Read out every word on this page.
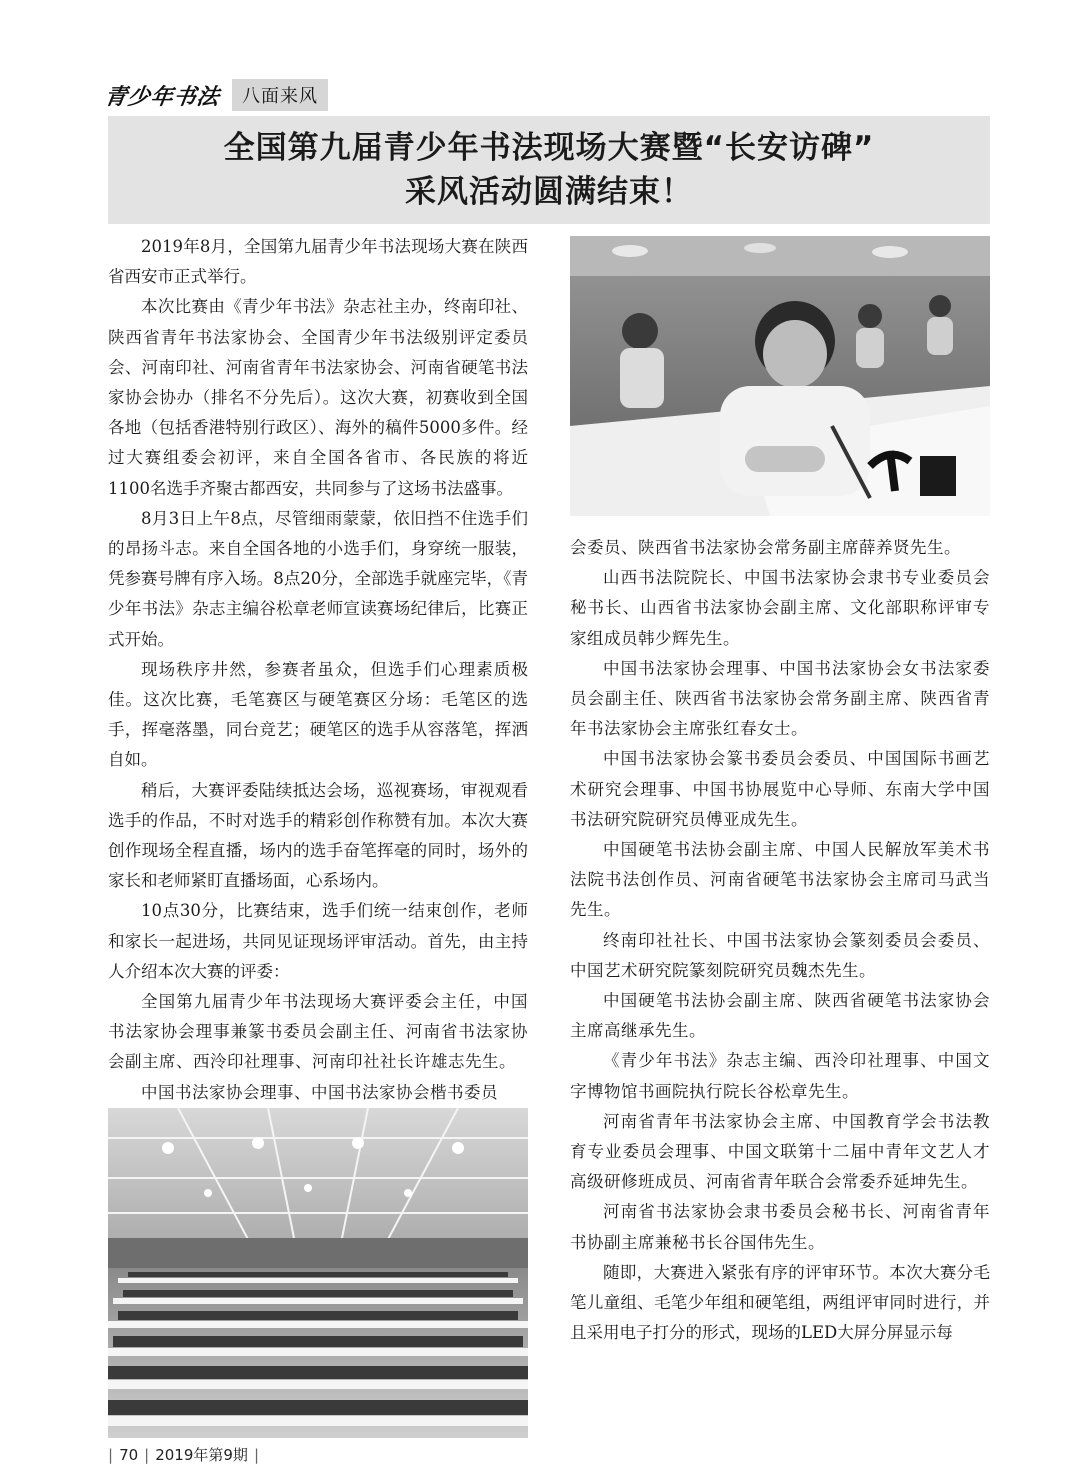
青少年书法	八面来风
全国第九届青少年书法现场大赛暨“长安访碑”
采风活动圆满结束！

2019年8月，全国第九届青少年书法现场大赛在陕西省西安市正式举行。

本次比赛由《青少年书法》杂志社主办，终南印社、陕西省青年书法家协会、全国青少年书法级别评定委员会、河南印社、河南省青年书法家协会、河南省硬笔书法家协会协办（排名不分先后）。这次大赛，初赛收到全国各地（包括香港特别行政区）、海外的稿件5000多件。经过大赛组委会初评，来自全国各省市、各民族的将近1100名选手齐聚古都西安，共同参与了这场书法盛事。

8月3日上午8点，尽管细雨蒙蒙，依旧挡不住选手们的昂扬斗志。来自全国各地的小选手们，身穿统一服装，凭参赛号牌有序入场。8点20分，全部选手就座完毕，《青少年书法》杂志主编谷松章老师宣读赛场纪律后，比赛正式开始。

现场秩序井然，参赛者虽众，但选手们心理素质极佳。这次比赛，毛笔赛区与硬笔赛区分场：毛笔区的选手，挥毫落墨，同台竞艺；硬笔区的选手从容落笔，挥洒自如。

稍后，大赛评委陆续抵达会场，巡视赛场，审视观看选手的作品，不时对选手的精彩创作称赞有加。本次大赛创作现场全程直播，场内的选手奋笔挥毫的同时，场外的家长和老师紧盯直播场面，心系场内。

10点30分，比赛结束，选手们统一结束创作，老师和家长一起进场，共同见证现场评审活动。首先，由主持人介绍本次大赛的评委：

全国第九届青少年书法现场大赛评委会主任，中国书法家协会理事兼篆书委员会副主任、河南省书法家协会副主席、西泠印社理事、河南印社社长许雄志先生。

中国书法家协会理事、中国书法家协会楷书委员

会委员、陕西省书法家协会常务副主席薛养贤先生。

山西书法院院长、中国书法家协会隶书专业委员会秘书长、山西省书法家协会副主席、文化部职称评审专家组成员韩少辉先生。

中国书法家协会理事、中国书法家协会女书法家委员会副主任、陕西省书法家协会常务副主席、陕西省青年书法家协会主席张红春女士。

中国书法家协会篆书委员会委员、中国国际书画艺术研究会理事、中国书协展览中心导师、东南大学中国书法研究院研究员傅亚成先生。

中国硬笔书法协会副主席、中国人民解放军美术书法院书法创作员、河南省硬笔书法家协会主席司马武当先生。

终南印社社长、中国书法家协会篆刻委员会委员、中国艺术研究院篆刻院研究员魏杰先生。

中国硬笔书法协会副主席、陕西省硬笔书法家协会主席高继承先生。

《青少年书法》杂志主编、西泠印社理事、中国文字博物馆书画院执行院长谷松章先生。

河南省青年书法家协会主席、中国教育学会书法教育专业委员会理事、中国文联第十二届中青年文艺人才高级研修班成员、河南省青年联合会常委乔延坤先生。

河南省书法家协会隶书委员会秘书长、河南省青年书协副主席兼秘书长谷国伟先生。

随即，大赛进入紧张有序的评审环节。本次大赛分毛笔儿童组、毛笔少年组和硬笔组，两组评审同时进行，并且采用电子打分的形式，现场的LED大屏分屏显示每

| 70 | 2019年第9期 |
